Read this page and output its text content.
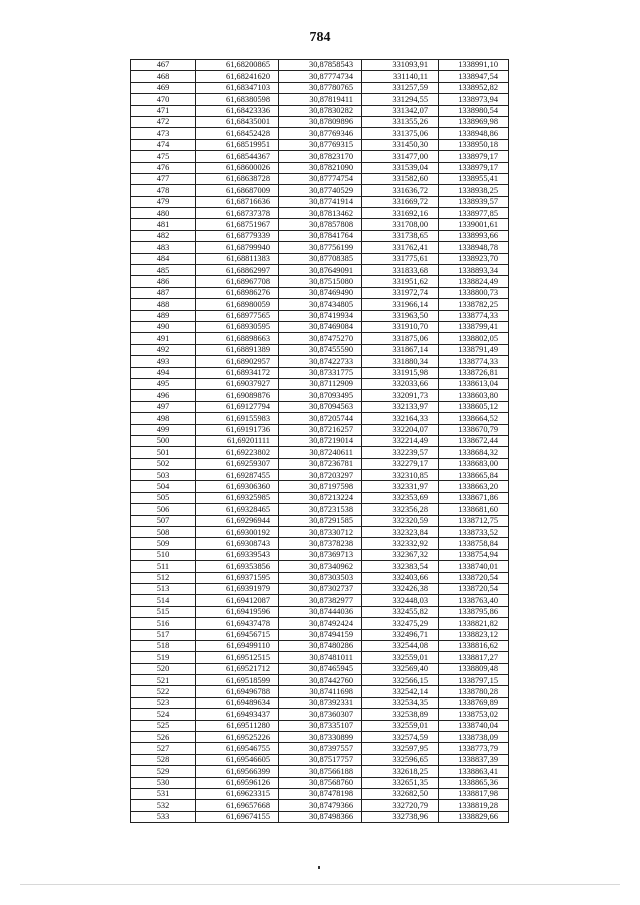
784
467	61,68200865	30,87858543	331093,91	1338991,10
468	61,68241620	30,87774734	331140,11	1338947,54
469	61,68347103	30,87780765	331257,59	1338952,82
470	61,68380598	30,87819411	331294,55	1338973,94
471	61,68423336	30,87830282	331342,07	1338980,54
472	61,68435001	30,87809896	331355,26	1338969,98
473	61,68452428	30,87769346	331375,06	1338948,86
474	61,68519951	30,87769315	331450,30	1338950,18
475	61,68544367	30,87823170	331477,00	1338979,17
476	61,68600026	30,87821090	331539,04	1338979,17
477	61,68638728	30,87774754	331582,60	1338955,41
478	61,68687009	30,87740529	331636,72	1338938,25
479	61,68716636	30,87741914	331669,72	1338939,57
480	61,68737378	30,87813462	331692,16	1338977,85
481	61,68751967	30,87857808	331708,00	1339001,61
482	61,68779339	30,87841764	331738,65	1338993,66
483	61,68799940	30,87756199	331762,41	1338948,78
484	61,68811383	30,87708385	331775,61	1338923,70
485	61,68862997	30,87649091	331833,68	1338893,34
486	61,68967708	30,87515080	331951,62	1338824,49
487	61,68986276	30,87469490	331972,74	1338800,73
488	61,68980059	30,87434805	331966,14	1338782,25
489	61,68977565	30,87419934	331963,50	1338774,33
490	61,68930595	30,87469084	331910,70	1338799,41
491	61,68898663	30,87475270	331875,06	1338802,05
492	61,68891389	30,87455590	331867,14	1338791,49
493	61,68902957	30,87422733	331880,34	1338774,33
494	61,68934172	30,87331775	331915,98	1338726,81
495	61,69037927	30,87112909	332033,66	1338613,04
496	61,69089876	30,87093495	332091,73	1338603,80
497	61,69127794	30,87094563	332133,97	1338605,12
498	61,69155983	30,87205744	332164,33	1338664,52
499	61,69191736	30,87216257	332204,07	1338670,79
500	61,69201111	30,87219014	332214,49	1338672,44
501	61,69223802	30,87240611	332239,57	1338684,32
502	61,69259307	30,87236781	332279,17	1338683,00
503	61,69287455	30,87203297	332310,85	1338665,84
504	61,69306360	30,87197598	332331,97	1338663,20
505	61,69325985	30,87213224	332353,69	1338671,86
506	61,69328465	30,87231538	332356,28	1338681,60
507	61,69296944	30,87291585	332320,59	1338712,75
508	61,69300192	30,87330712	332323,84	1338733,52
509	61,69308743	30,87378238	332332,92	1338758,84
510	61,69339543	30,87369713	332367,32	1338754,94
511	61,69353856	30,87340962	332383,54	1338740,01
512	61,69371595	30,87303503	332403,66	1338720,54
513	61,69391979	30,87302737	332426,38	1338720,54
514	61,69412087	30,87382977	332448,03	1338763,40
515	61,69419596	30,87444036	332455,82	1338795,86
516	61,69437478	30,87492424	332475,29	1338821,82
517	61,69456715	30,87494159	332496,71	1338823,12
518	61,69499110	30,87480286	332544,08	1338816,62
519	61,69512515	30,87481011	332559,01	1338817,27
520	61,69521712	30,87465945	332569,40	1338809,48
521	61,69518599	30,87442760	332566,15	1338797,15
522	61,69496788	30,87411698	332542,14	1338780,28
523	61,69489634	30,87392331	332534,35	1338769,89
524	61,69493437	30,87360307	332538,89	1338753,02
525	61,69511280	30,87335107	332559,01	1338740,04
526	61,69525226	30,87330899	332574,59	1338738,09
527	61,69546755	30,87397557	332597,95	1338773,79
528	61,69546605	30,87517757	332596,65	1338837,39
529	61,69566399	30,87566188	332618,25	1338863,41
530	61,69596126	30,87568760	332651,35	1338865,36
531	61,69623315	30,87478198	332682,50	1338817,98
532	61,69657668	30,87479366	332720,79	1338819,28
533	61,69674155	30,87498366	332738,96	1338829,66
